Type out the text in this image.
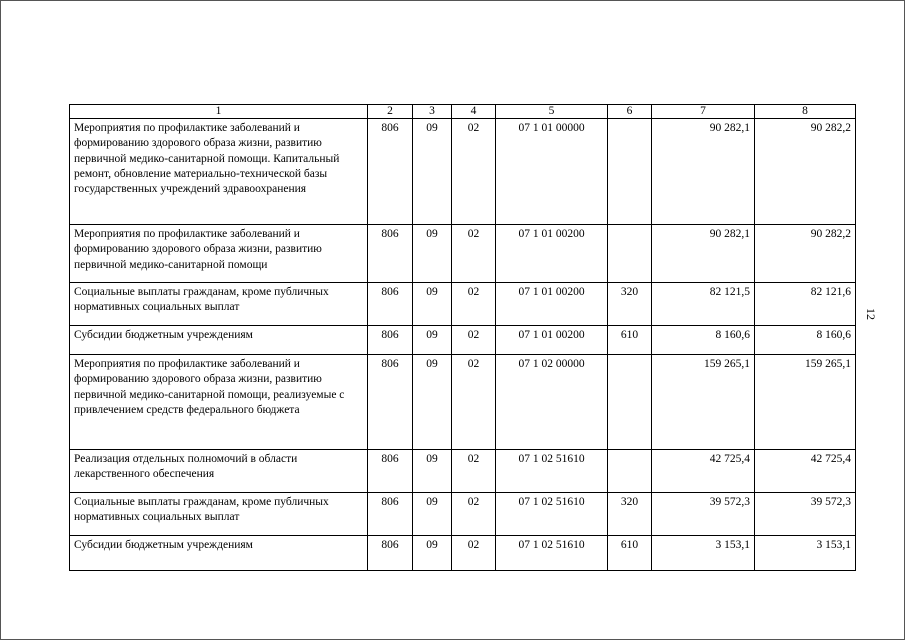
1	2	3	4	5	6	7	8
Мероприятия по профилактике заболеваний и формированию здорового образа жизни, развитию первичной медико-санитарной помощи. Капитальный ремонт, обновление материально-технической базы государственных учреждений здравоохранения	806	09	02	07 1 01 00000		90 282,1	90 282,2
Мероприятия по профилактике заболеваний и формированию здорового образа жизни, развитию первичной медико-санитарной помощи	806	09	02	07 1 01 00200		90 282,1	90 282,2
Социальные выплаты гражданам, кроме публичных нормативных социальных выплат	806	09	02	07 1 01 00200	320	82 121,5	82 121,6
Субсидии бюджетным учреждениям	806	09	02	07 1 01 00200	610	8 160,6	8 160,6
Мероприятия по профилактике заболеваний и формированию здорового образа жизни, развитию первичной медико-санитарной помощи, реализуемые с привлечением средств федерального бюджета	806	09	02	07 1 02 00000		159 265,1	159 265,1
Реализация отдельных полномочий в области лекарственного обеспечения	806	09	02	07 1 02 51610		42 725,4	42 725,4
Социальные выплаты гражданам, кроме публичных нормативных социальных выплат	806	09	02	07 1 02 51610	320	39 572,3	39 572,3
Субсидии бюджетным учреждениям	806	09	02	07 1 02 51610	610	3 153,1	3 153,1
12
